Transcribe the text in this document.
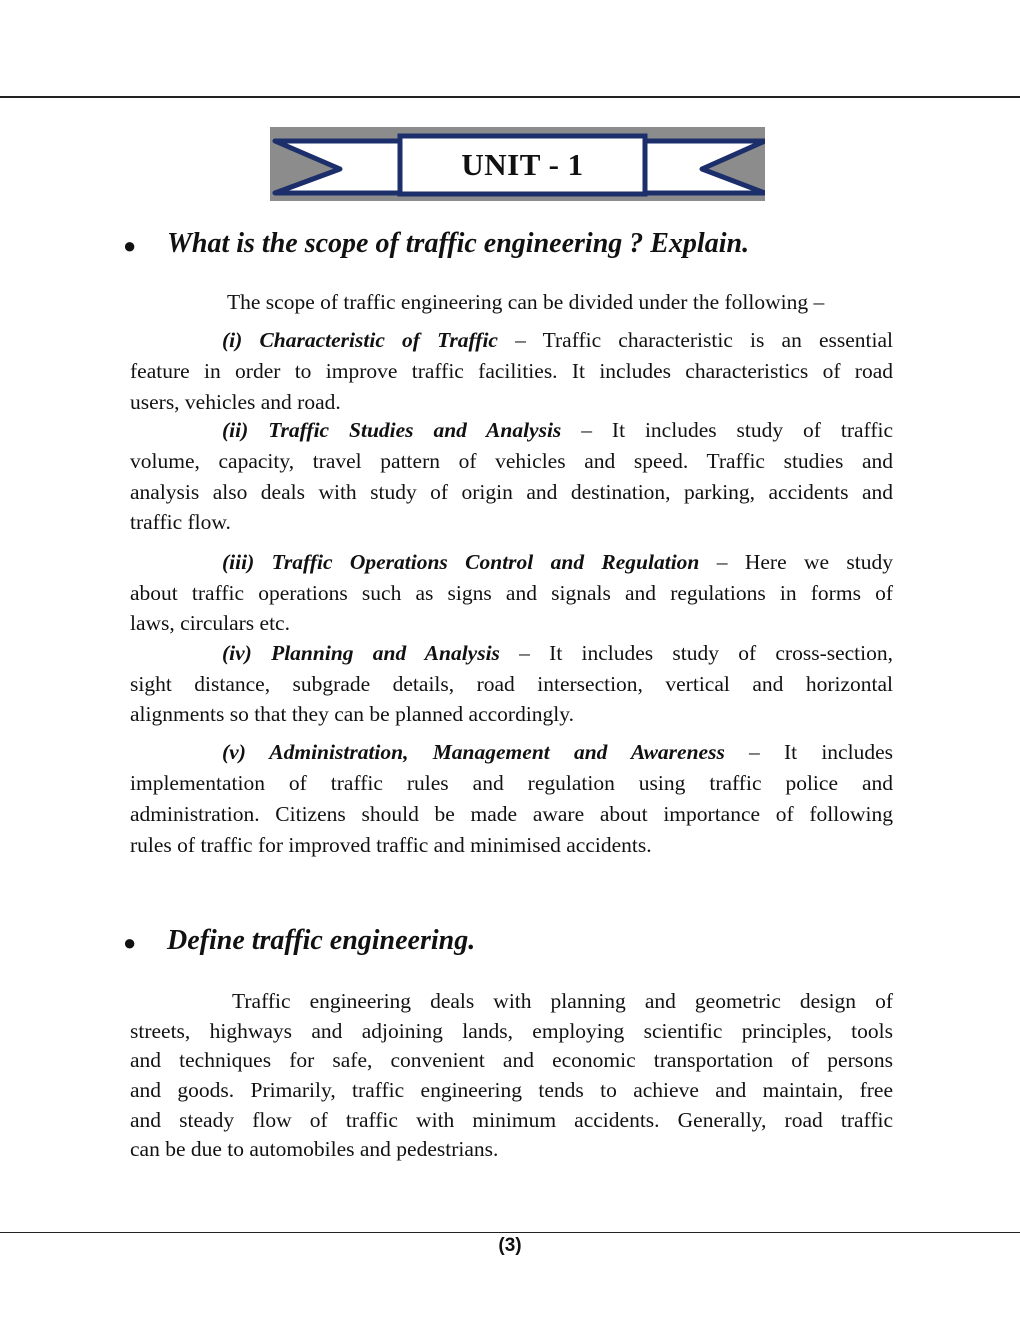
UNIT - 1
● What is the scope of traffic engineering ? Explain.
● Define traffic engineering.
(3)
The scope of traffic engineering can be divided under the following –
(i) Characteristic of Traffic – Traffic characteristic is an essential
feature in order to improve traffic facilities. It includes characteristics of road
users, vehicles and road.
(ii) Traffic Studies and Analysis – It includes study of traffic
volume, capacity, travel pattern of vehicles and speed. Traffic studies and
analysis also deals with study of origin and destination, parking, accidents and
traffic flow.
(iii) Traffic Operations Control and Regulation – Here we study
about traffic operations such as signs and signals and regulations in forms of
laws, circulars etc.
(iv) Planning and Analysis – It includes study of cross-section,
sight distance, subgrade details, road intersection, vertical and horizontal
alignments so that they can be planned accordingly.
(v) Administration, Management and Awareness – It includes
implementation of traffic rules and regulation using traffic police and
administration. Citizens should be made aware about importance of following
rules of traffic for improved traffic and minimised accidents.
Traffic engineering deals with planning and geometric design of
streets, highways and adjoining lands, employing scientific principles, tools
and techniques for safe, convenient and economic transportation of persons
and goods. Primarily, traffic engineering tends to achieve and maintain, free
and steady flow of traffic with minimum accidents. Generally, road traffic
can be due to automobiles and pedestrians.
